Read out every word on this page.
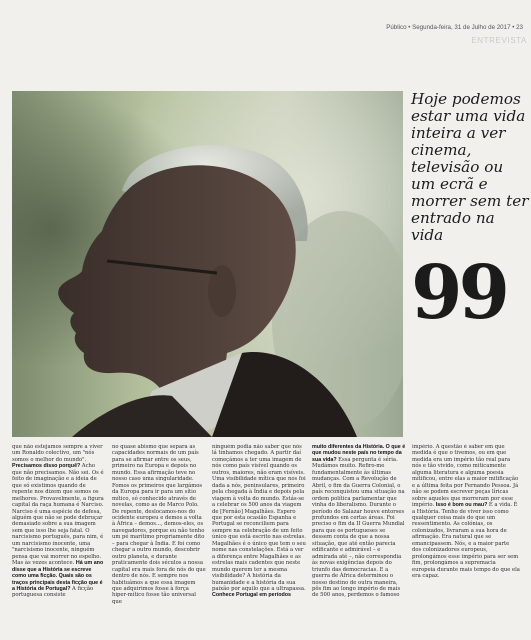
Público • Segunda-feira, 31 de Julho de 2017 • 23
ENTREVISTA
Hoje podemos estar uma vida inteira a ver cinema, televisão ou um ecrã e morrer sem ter entrado na vida
99
que não estejamos sempre a viver um Ronaldo colectivo, um "nós somos o melhor do mundo". Precisamos disso porquê? Acho que não precisamos. Não sei. Os é feito de imaginação e a ideia de que só existimos quando de repente nos dizem que somos os melhores. Provavelmente, a figura capital da raça humana é Narciso. Narciso é uma espécie de defesa, alguém que não se pode debruçar demasiado sobre a sua imagem sem que isso lhe seja fatal. O narcisismo português, para nim, é um narcisismo inocente, uma "narcisismo inocente, ninguém pensa que vai morrer no espelho. Mas às vezes acontece. Há um ano disse que a História se escreve como uma ficção. Quais são os traços principais desta ficção que é a História de Portugal? A ficção portuguesa consiste
no quase abismo que separa as capacidades normais de um país para se afirmar entre os seus, primeiro na Europa e depois no mundo. Essa afirmação teve no nosso caso uma singularidade. Fomos os primeiros que largámos da Europa para ir para um sítio mítico, só conhecido através de novelas, como as de Marco Polo. De repente, deslocamos-nos do ocidente europeu e demos a volta à África – demos..., demos-eles, os navegadores, porque eu não tenho um pé marítimo propriamente dito – para chegar à Índia. E foi como chegar a outro mundo, descobrir outro planeta, e durante praticamente dois séculos a nossa capital era mais fora de nós do que dentro de nós. E sempre nos habituámos a que essa imagem que adquirimos fosse à força hiper-mítico fosse tão universal que
ninguém podia não saber que nós lá tínhamos chegado. A partir daí começámos a ter uma imagem de nós como país visível quando os outros, maiores, não eram visíveis. Uma visibilidade mítica que nos foi dada a nós, peninsulares, primeiro pela chegada à Índia e depois pela viagem à volta do mundo. Estás-se a celebrar os 500 anos da viagem de [Fernão] Magalhães. Espero que por esta ocasião Espanha e Portugal se reconciliem para sempre na celebração de um feito único que está escrito nas estrelas. Magalhães é o único que tem o seu nome nas constelações. Está a ver a diferença entre Magalhães e as estrelas mais cadentes que neste mundo querem ter a mesma visibilidade? A história da humanidade e a história da sua paixão por aquilo que a ultrapassa. Conhece Portugal em períodos
muito diferentes da História. O que é que mudou neste país no tempo da sua vida? Essa pergunta é séria. Mudámos muito. Refiro-me fundamentalmente às últimas mudanças. Com a Revolução de Abril, o fim da Guerra Colonial, o país reconquistou uma situação na ordem política parlamentar que vinha do liberalismo. Durante o período do Salazar houve entorses profundos em certas áreas. Foi preciso o fim da II Guerra Mundial para que os portugueses se dessem conta de que a nossa situação, que até então parecia edificante e admirável – e admirada até –, não correspondia às novas exigências depois do triunfo das democracias. E a guerra de África determinou o nosso destino de outra maneira, pôs fim ao longo império de mais de 500 anos, perdemos o famoso
império. A questão é saber em que medida é que o tivemos, ou em que medida era um império tão real para nós e tão vivido, como miticamente alguma literatura e alguma poesia mítificou, entre elas a maior mitificação e a última feita por Fernando Pessoa. Já não se podem escrever peças líricas sobre aqueles que morreram por esse império. Isso é bom ou mau? É a vida. É a História. Tenho de viver isso como qualquer coisa mais do que um ressentimento. As colónias, os colonizados, livraram a sua hora de afirmação. Era natural que se emancipassem. Nós, e a maior parte dos colonizadores europeus, prolongámos esse império para ser sem fim, prolongámos a supremacia europeia durante mais tempo do que ela era capaz.
